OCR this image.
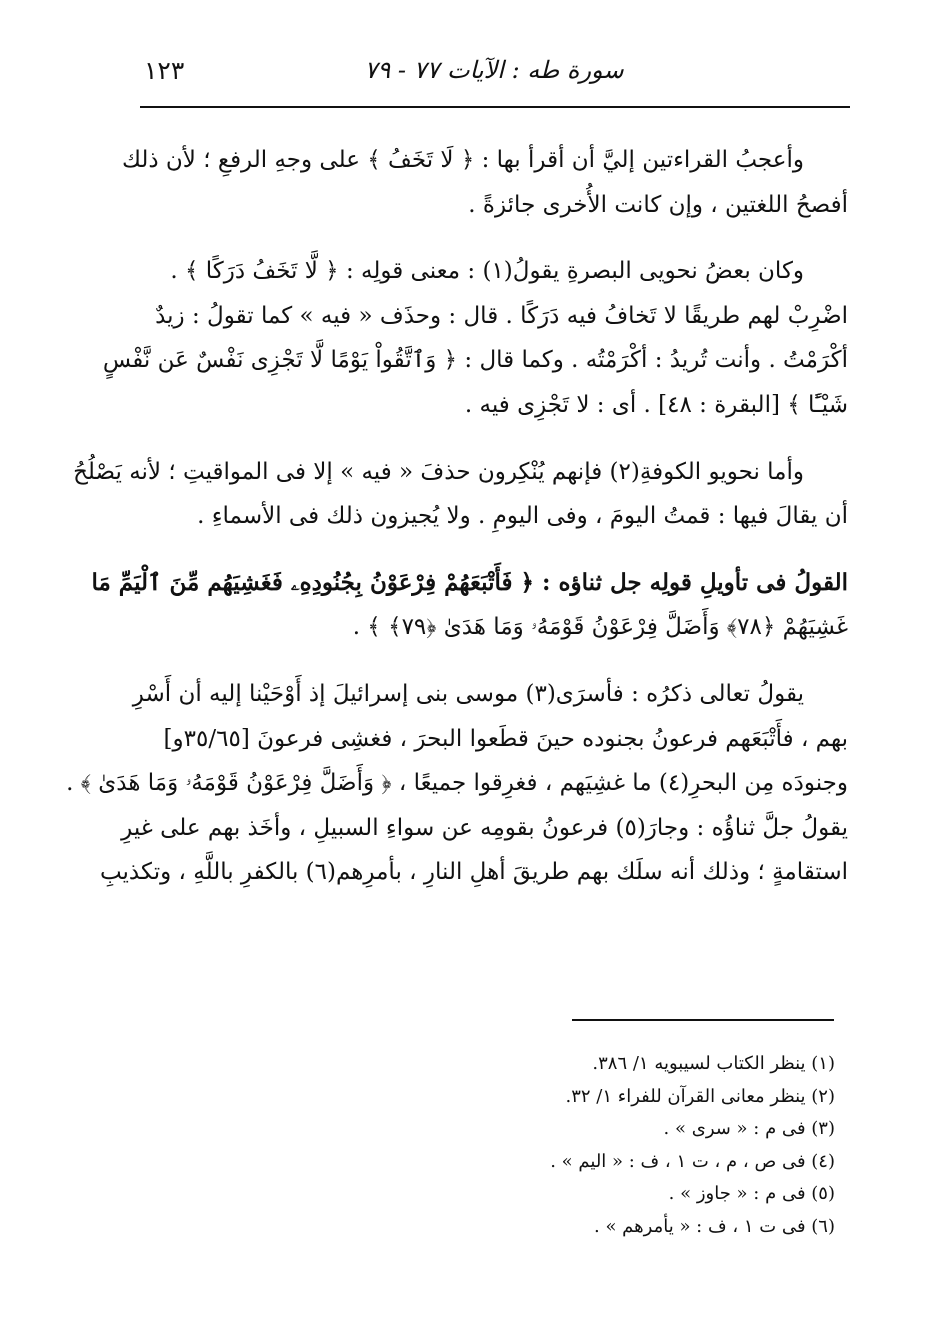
١٢٣	سورة طه : الآيات ٧٧ - ٧٩
وأعجبُ القراءتين إليَّ أن أقرأ بها : ﴿ لَا تَخَفُ ﴾ على وجهِ الرفعِ ؛ لأن ذلك
أفصحُ اللغتين ، وإن كانت الأُخرى جائزةً .
وكان بعضُ نحويى البصرةِ يقولُ(١) : معنى قولِه : ﴿ لَّا تَخَفُ دَرَكًا ﴾ .
اضْرِبْ لهم طريقًا لا تَخافُ فيه دَرَكًا . قال : وحذَف « فيه » كما تقولُ : زيدٌ
أكْرَمْتُ . وأنت تُريدُ : أكْرَمْتُه . وكما قال : ﴿ وَٱتَّقُواْ يَوْمًا لَّا تَجْزِى نَفْسٌ عَن نَّفْسٍ
شَيْـًٔا ﴾ [البقرة : ٤٨] . أى : لا تَجْزِى فيه .
وأما نحويو الكوفةِ(٢) فإنهم يُنْكِرون حذفَ « فيه » إلا فى المواقيتِ ؛ لأنه يَصْلُحُ
أن يقالَ فيها : قمتُ اليومَ ، وفى اليومِ . ولا يُجيزون ذلك فى الأسماءِ .
القولُ فى تأويلِ قولِه جل ثناؤه : ﴿ فَأَتْبَعَهُمْ فِرْعَوْنُ بِجُنُودِهِۦ فَغَشِيَهُم مِّنَ ٱلْيَمِّ مَا
غَشِيَهُمْ ﴿٧٨﴾ وَأَضَلَّ فِرْعَوْنُ قَوْمَهُۥ وَمَا هَدَىٰ ﴿٧٩﴾ ﴾ .
يقولُ تعالى ذكرُه : فأسرَى(٣) موسى بنى إسرائيلَ إذ أَوْحَيْنا إليه أن أَسْرِ
بهم ، فأَتْبَعَهم فرعونُ بجنوده حينَ قطَعوا البحرَ ، فغشِى فرعونَ [٣٥/٦٥و]
وجنودَه مِن البحرِ(٤) ما غشِيَهم ، فغرِقوا جميعًا ، ﴿ وَأَضَلَّ فِرْعَوْنُ قَوْمَهُۥ وَمَا هَدَىٰ ﴾ .
يقولُ جلَّ ثناؤُه : وجارَ(٥) فرعونُ بقومِه عن سواءِ السبيلِ ، وأخَذ بهم على غيرِ
استقامةٍ ؛ وذلك أنه سلَك بهم طريقَ أهلِ النارِ ، بأمرِهم(٦) بالكفرِ باللَّهِ ، وتكذيبِ
(١) ينظر الكتاب لسيبويه ١/ ٣٨٦.
(٢) ينظر معانى القرآن للفراء ١/ ٣٢.
(٣) فى م : « سرى » .
(٤) فى ص ، م ، ت ١ ، ف : « اليم » .
(٥) فى م : « جاوز » .
(٦) فى ت ١ ، ف : « يأمرهم » .
